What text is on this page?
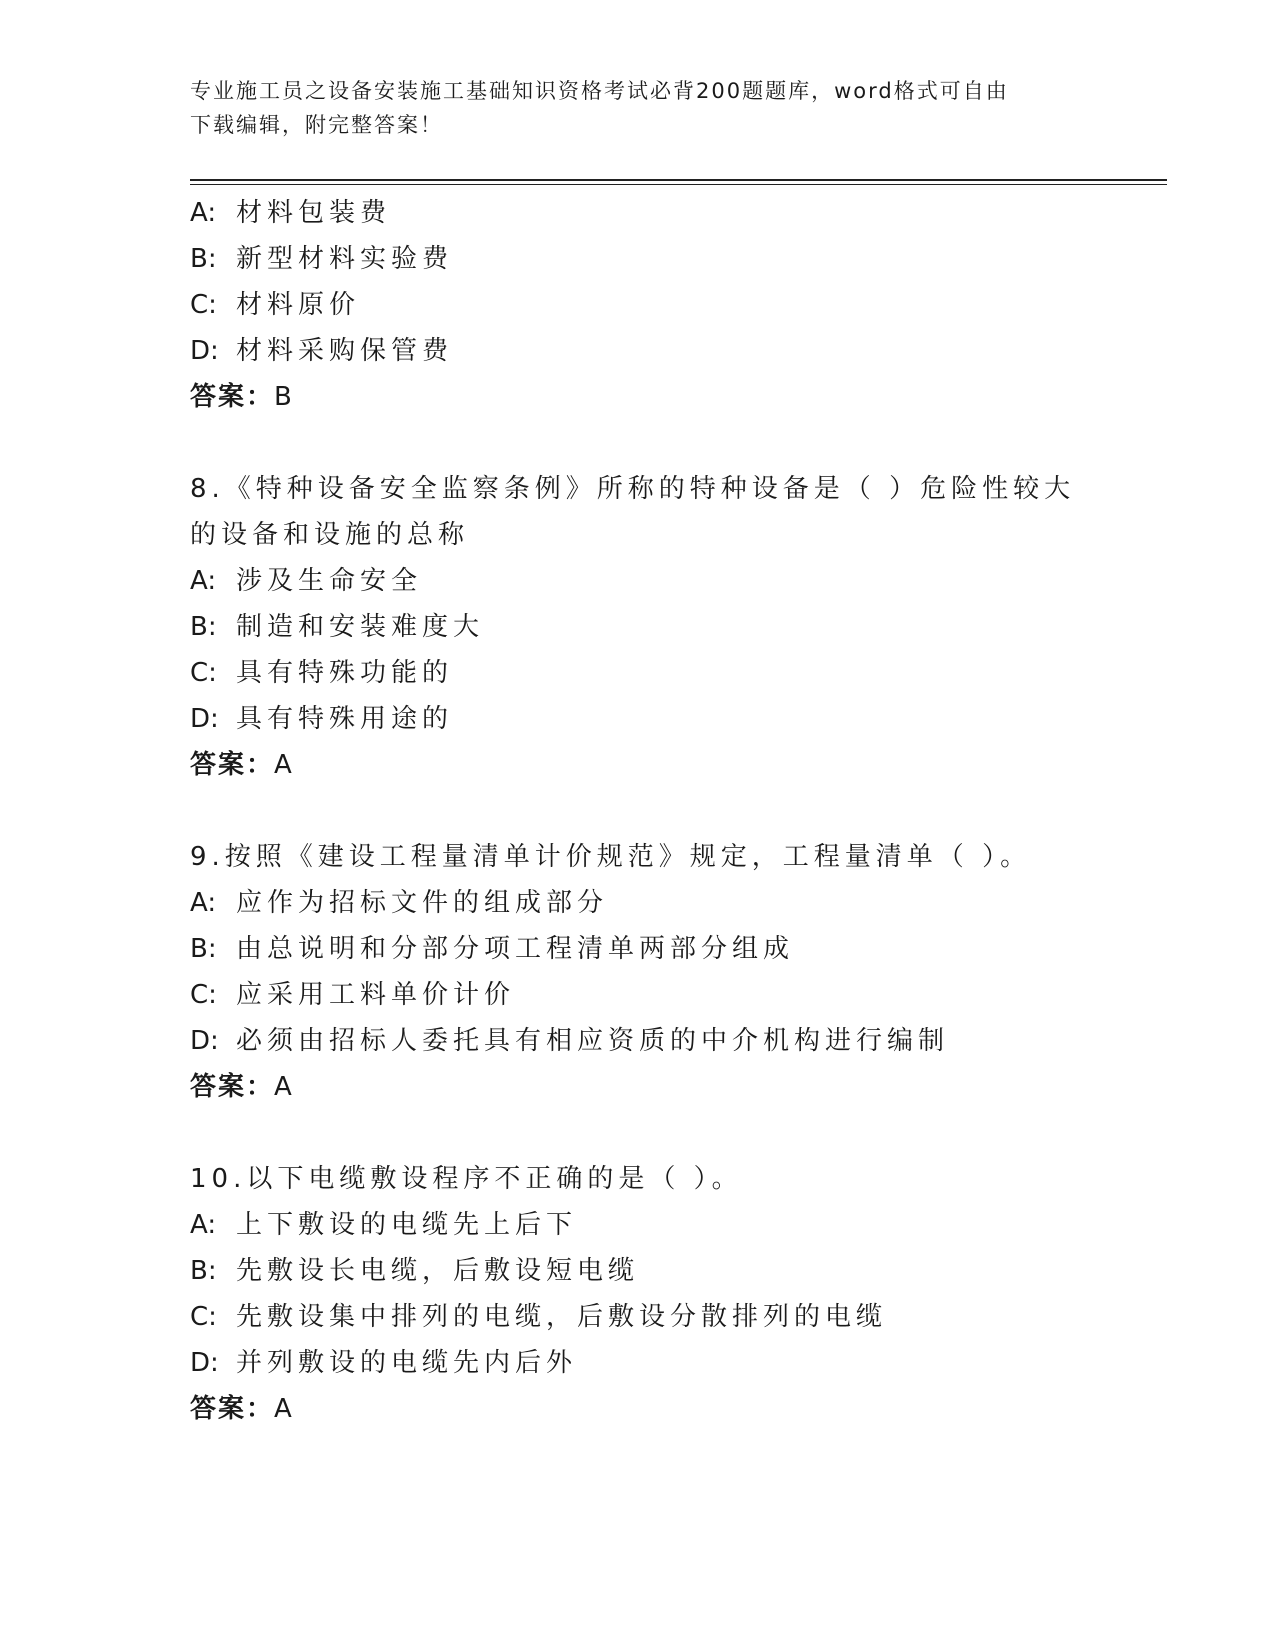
专业施工员之设备安装施工基础知识资格考试必背200题题库，word格式可自由
下载编辑，附完整答案！
A: 材料包装费
B: 新型材料实验费
C: 材料原价
D: 材料采购保管费
答案：B
8.《特种设备安全监察条例》所称的特种设备是（ ）危险性较大的设备和设施的总称
A: 涉及生命安全
B: 制造和安装难度大
C: 具有特殊功能的
D: 具有特殊用途的
答案：A
9.按照《建设工程量清单计价规范》规定，工程量清单（ ）。
A: 应作为招标文件的组成部分
B: 由总说明和分部分项工程清单两部分组成
C: 应采用工料单价计价
D: 必须由招标人委托具有相应资质的中介机构进行编制
答案：A
10.以下电缆敷设程序不正确的是（ ）。
A: 上下敷设的电缆先上后下
B: 先敷设长电缆，后敷设短电缆
C: 先敷设集中排列的电缆，后敷设分散排列的电缆
D: 并列敷设的电缆先内后外
答案：A
